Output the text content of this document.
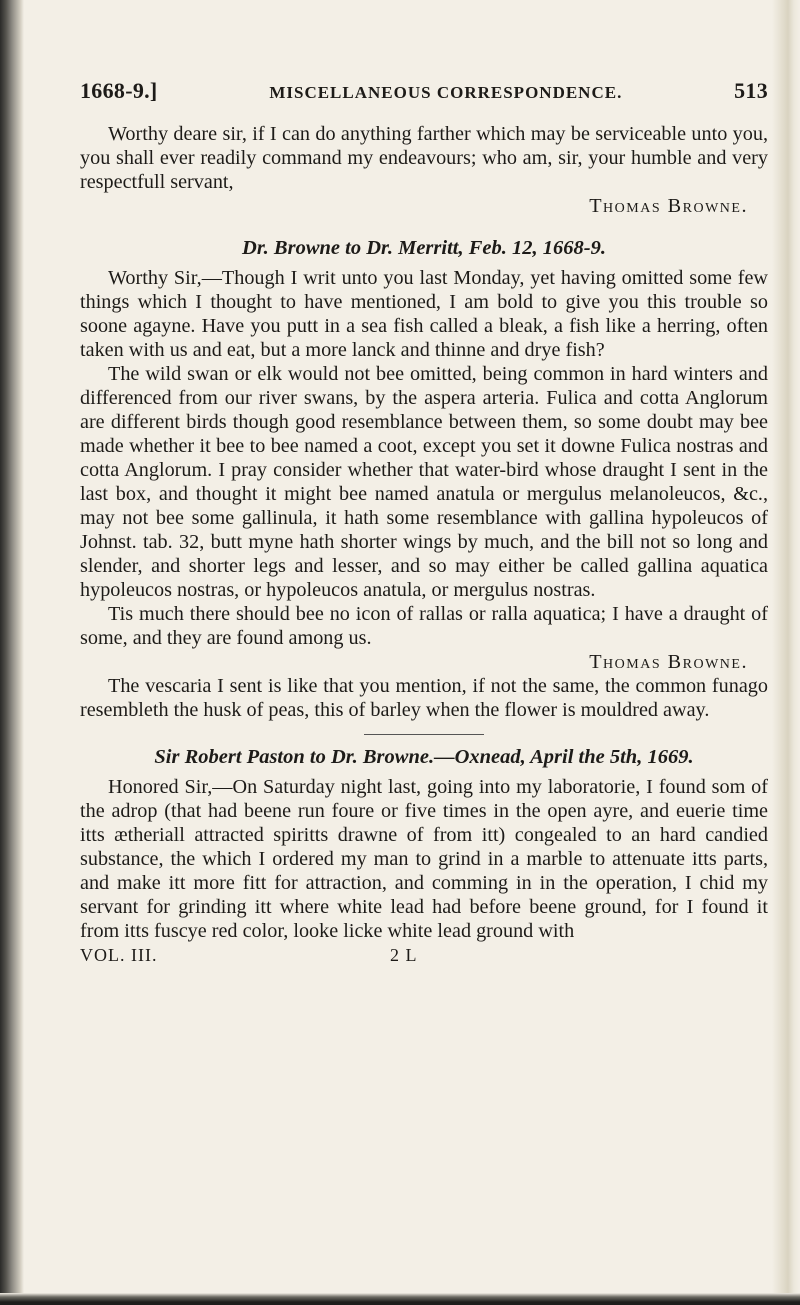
1668-9.]	MISCELLANEOUS CORRESPONDENCE.	513

Worthy deare sir, if I can do anything farther which may be serviceable unto you, you shall ever readily command my endeavours; who am, sir, your humble and very respectfull servant,

Thomas Browne.
Dr. Browne to Dr. Merritt, Feb. 12, 1668-9.

Worthy Sir,—Though I writ unto you last Monday, yet having omitted some few things which I thought to have mentioned, I am bold to give you this trouble so soone agayne. Have you putt in a sea fish called a bleak, a fish like a herring, often taken with us and eat, but a more lanck and thinne and drye fish?

The wild swan or elk would not bee omitted, being common in hard winters and differenced from our river swans, by the aspera arteria. Fulica and cotta Anglorum are different birds though good resemblance between them, so some doubt may bee made whether it bee to bee named a coot, except you set it downe Fulica nostras and cotta Anglorum. I pray consider whether that water-bird whose draught I sent in the last box, and thought it might bee named anatula or mergulus melanoleucos, &c., may not bee some gallinula, it hath some resemblance with gallina hypoleucos of Johnst. tab. 32, butt myne hath shorter wings by much, and the bill not so long and slender, and shorter legs and lesser, and so may either be called gallina aquatica hypoleucos nostras, or hypoleucos anatula, or mergulus nostras.

Tis much there should bee no icon of rallas or ralla aquatica; I have a draught of some, and they are found among us.

Thomas Browne.

The vescaria I sent is like that you mention, if not the same, the common funago resembleth the husk of peas, this of barley when the flower is mouldred away.

Sir Robert Paston to Dr. Browne.—Oxnead, April the 5th, 1669.

Honored Sir,—On Saturday night last, going into my laboratorie, I found som of the adrop (that had beene run foure or five times in the open ayre, and euerie time itts ætheriall attracted spiritts drawne of from itt) congealed to an hard candied substance, the which I ordered my man to grind in a marble to attenuate itts parts, and make itt more fitt for attraction, and comming in in the operation, I chid my servant for grinding itt where white lead had before beene ground, for I found it from itts fuscye red color, looke licke white lead ground with

VOL. III.	2 L
